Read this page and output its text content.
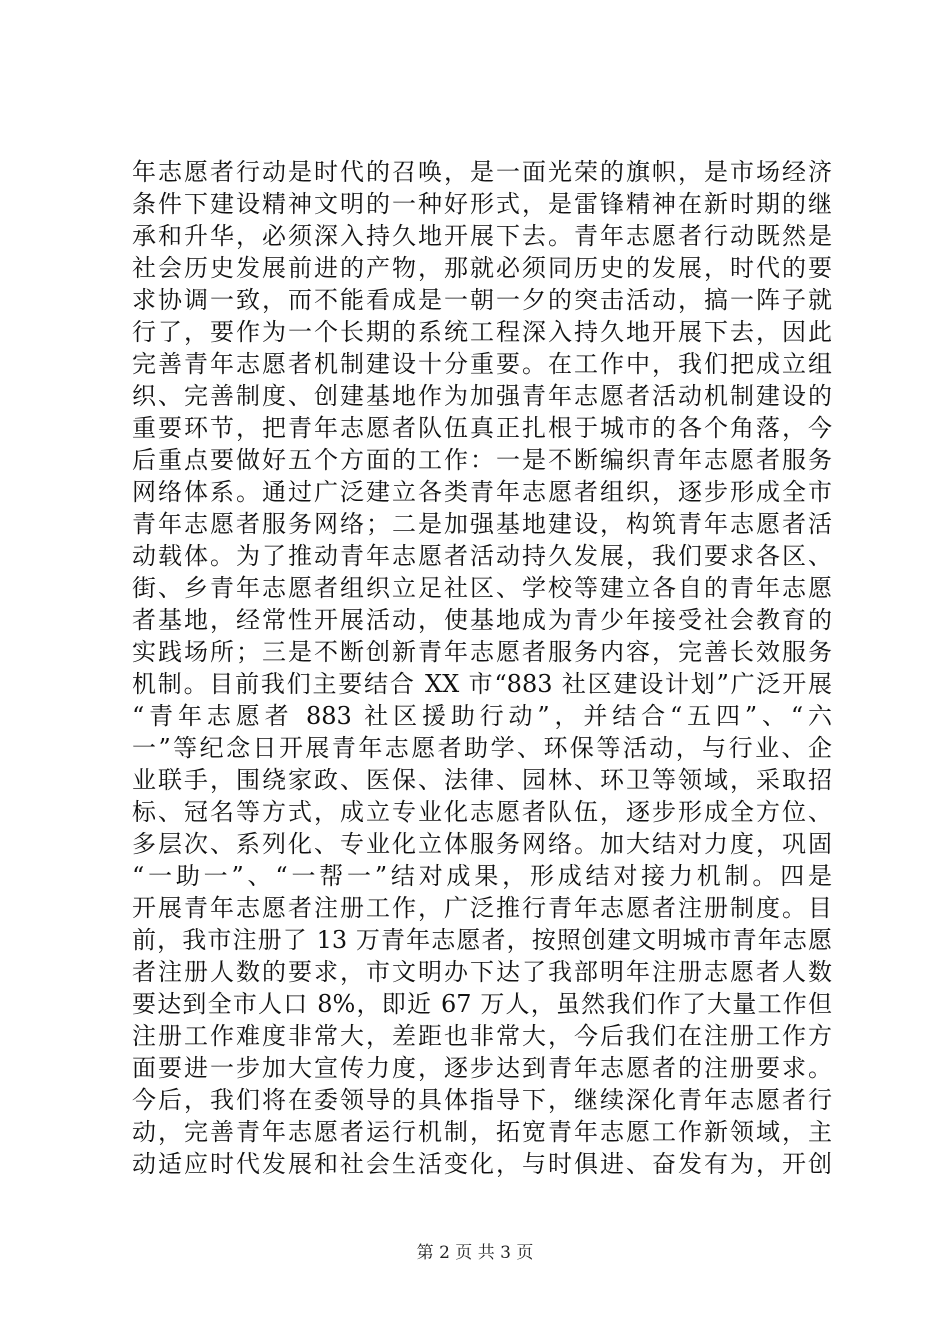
年志愿者行动是时代的召唤，是一面光荣的旗帜，是市场经济
条件下建设精神文明的一种好形式，是雷锋精神在新时期的继
承和升华，必须深入持久地开展下去。青年志愿者行动既然是
社会历史发展前进的产物，那就必须同历史的发展，时代的要
求协调一致，而不能看成是一朝一夕的突击活动，搞一阵子就
行了，要作为一个长期的系统工程深入持久地开展下去，因此
完善青年志愿者机制建设十分重要。在工作中，我们把成立组
织、完善制度、创建基地作为加强青年志愿者活动机制建设的
重要环节，把青年志愿者队伍真正扎根于城市的各个角落，今
后重点要做好五个方面的工作：一是不断编织青年志愿者服务
网络体系。通过广泛建立各类青年志愿者组织，逐步形成全市
青年志愿者服务网络；二是加强基地建设，构筑青年志愿者活
动载体。为了推动青年志愿者活动持久发展，我们要求各区、
街、乡青年志愿者组织立足社区、学校等建立各自的青年志愿
者基地，经常性开展活动，使基地成为青少年接受社会教育的
实践场所；三是不断创新青年志愿者服务内容，完善长效服务
机制。目前我们主要结合 XX 市“883 社区建设计划”广泛开展
“青年志愿者 883 社区援助行动”，并结合“五四”、“六
一”等纪念日开展青年志愿者助学、环保等活动，与行业、企
业联手，围绕家政、医保、法律、园林、环卫等领域，采取招
标、冠名等方式，成立专业化志愿者队伍，逐步形成全方位、
多层次、系列化、专业化立体服务网络。加大结对力度，巩固
“一助一”、“一帮一”结对成果，形成结对接力机制。四是
开展青年志愿者注册工作，广泛推行青年志愿者注册制度。目
前，我市注册了 13 万青年志愿者，按照创建文明城市青年志愿
者注册人数的要求，市文明办下达了我部明年注册志愿者人数
要达到全市人口 8%，即近 67 万人，虽然我们作了大量工作但
注册工作难度非常大，差距也非常大，今后我们在注册工作方
面要进一步加大宣传力度，逐步达到青年志愿者的注册要求。
今后，我们将在委领导的具体指导下，继续深化青年志愿者行
动，完善青年志愿者运行机制，拓宽青年志愿工作新领域，主
动适应时代发展和社会生活变化，与时俱进、奋发有为，开创
第 2 页 共 3 页
